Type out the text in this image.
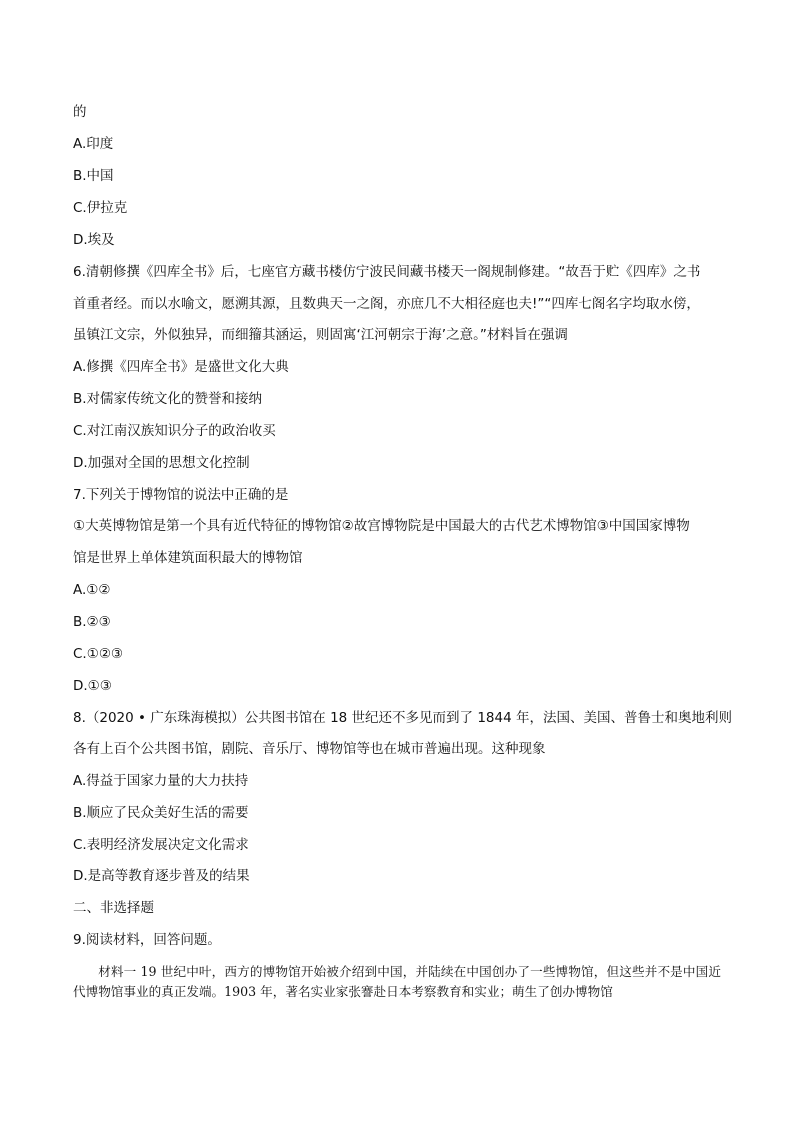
的
A.印度
B.中国
C.伊拉克
D.埃及
6.清朝修撰《四库全书》后，七座官方藏书楼仿宁波民间藏书楼天一阁规制修建。“故吾于贮《四库》之书
首重者经。而以水喻文，愿溯其源，且数典天一之阁，亦庶几不大相径庭也夫!”“四库七阁名字均取水傍，
虽镇江文宗，外似独异，而细籀其涵运，则固寓‘江河朝宗于海’之意。”材料旨在强调
A.修撰《四库全书》是盛世文化大典
B.对儒家传统文化的赞誉和接纳
C.对江南汉族知识分子的政治收买
D.加强对全国的思想文化控制
7.下列关于博物馆的说法中正确的是
①大英博物馆是第一个具有近代特征的博物馆②故宫博物院是中国最大的古代艺术博物馆③中国国家博物
馆是世界上单体建筑面积最大的博物馆
A.①②
B.②③
C.①②③
D.①③
8.（2020 • 广东珠海模拟）公共图书馆在 18 世纪还不多见而到了 1844 年，法国、美国、普鲁士和奥地利则
各有上百个公共图书馆，剧院、音乐厅、博物馆等也在城市普遍出现。这种现象
A.得益于国家力量的大力扶持
B.顺应了民众美好生活的需要
C.表明经济发展决定文化需求
D.是高等教育逐步普及的结果
二、非选择题
9.阅读材料，回答问题。
材料一 19 世纪中叶，西方的博物馆开始被介绍到中国，并陆续在中国创办了一些博物馆，但这些并不是中国近代博物馆事业的真正发端。1903 年，著名实业家张謇赴日本考察教育和实业；萌生了创办博物馆
